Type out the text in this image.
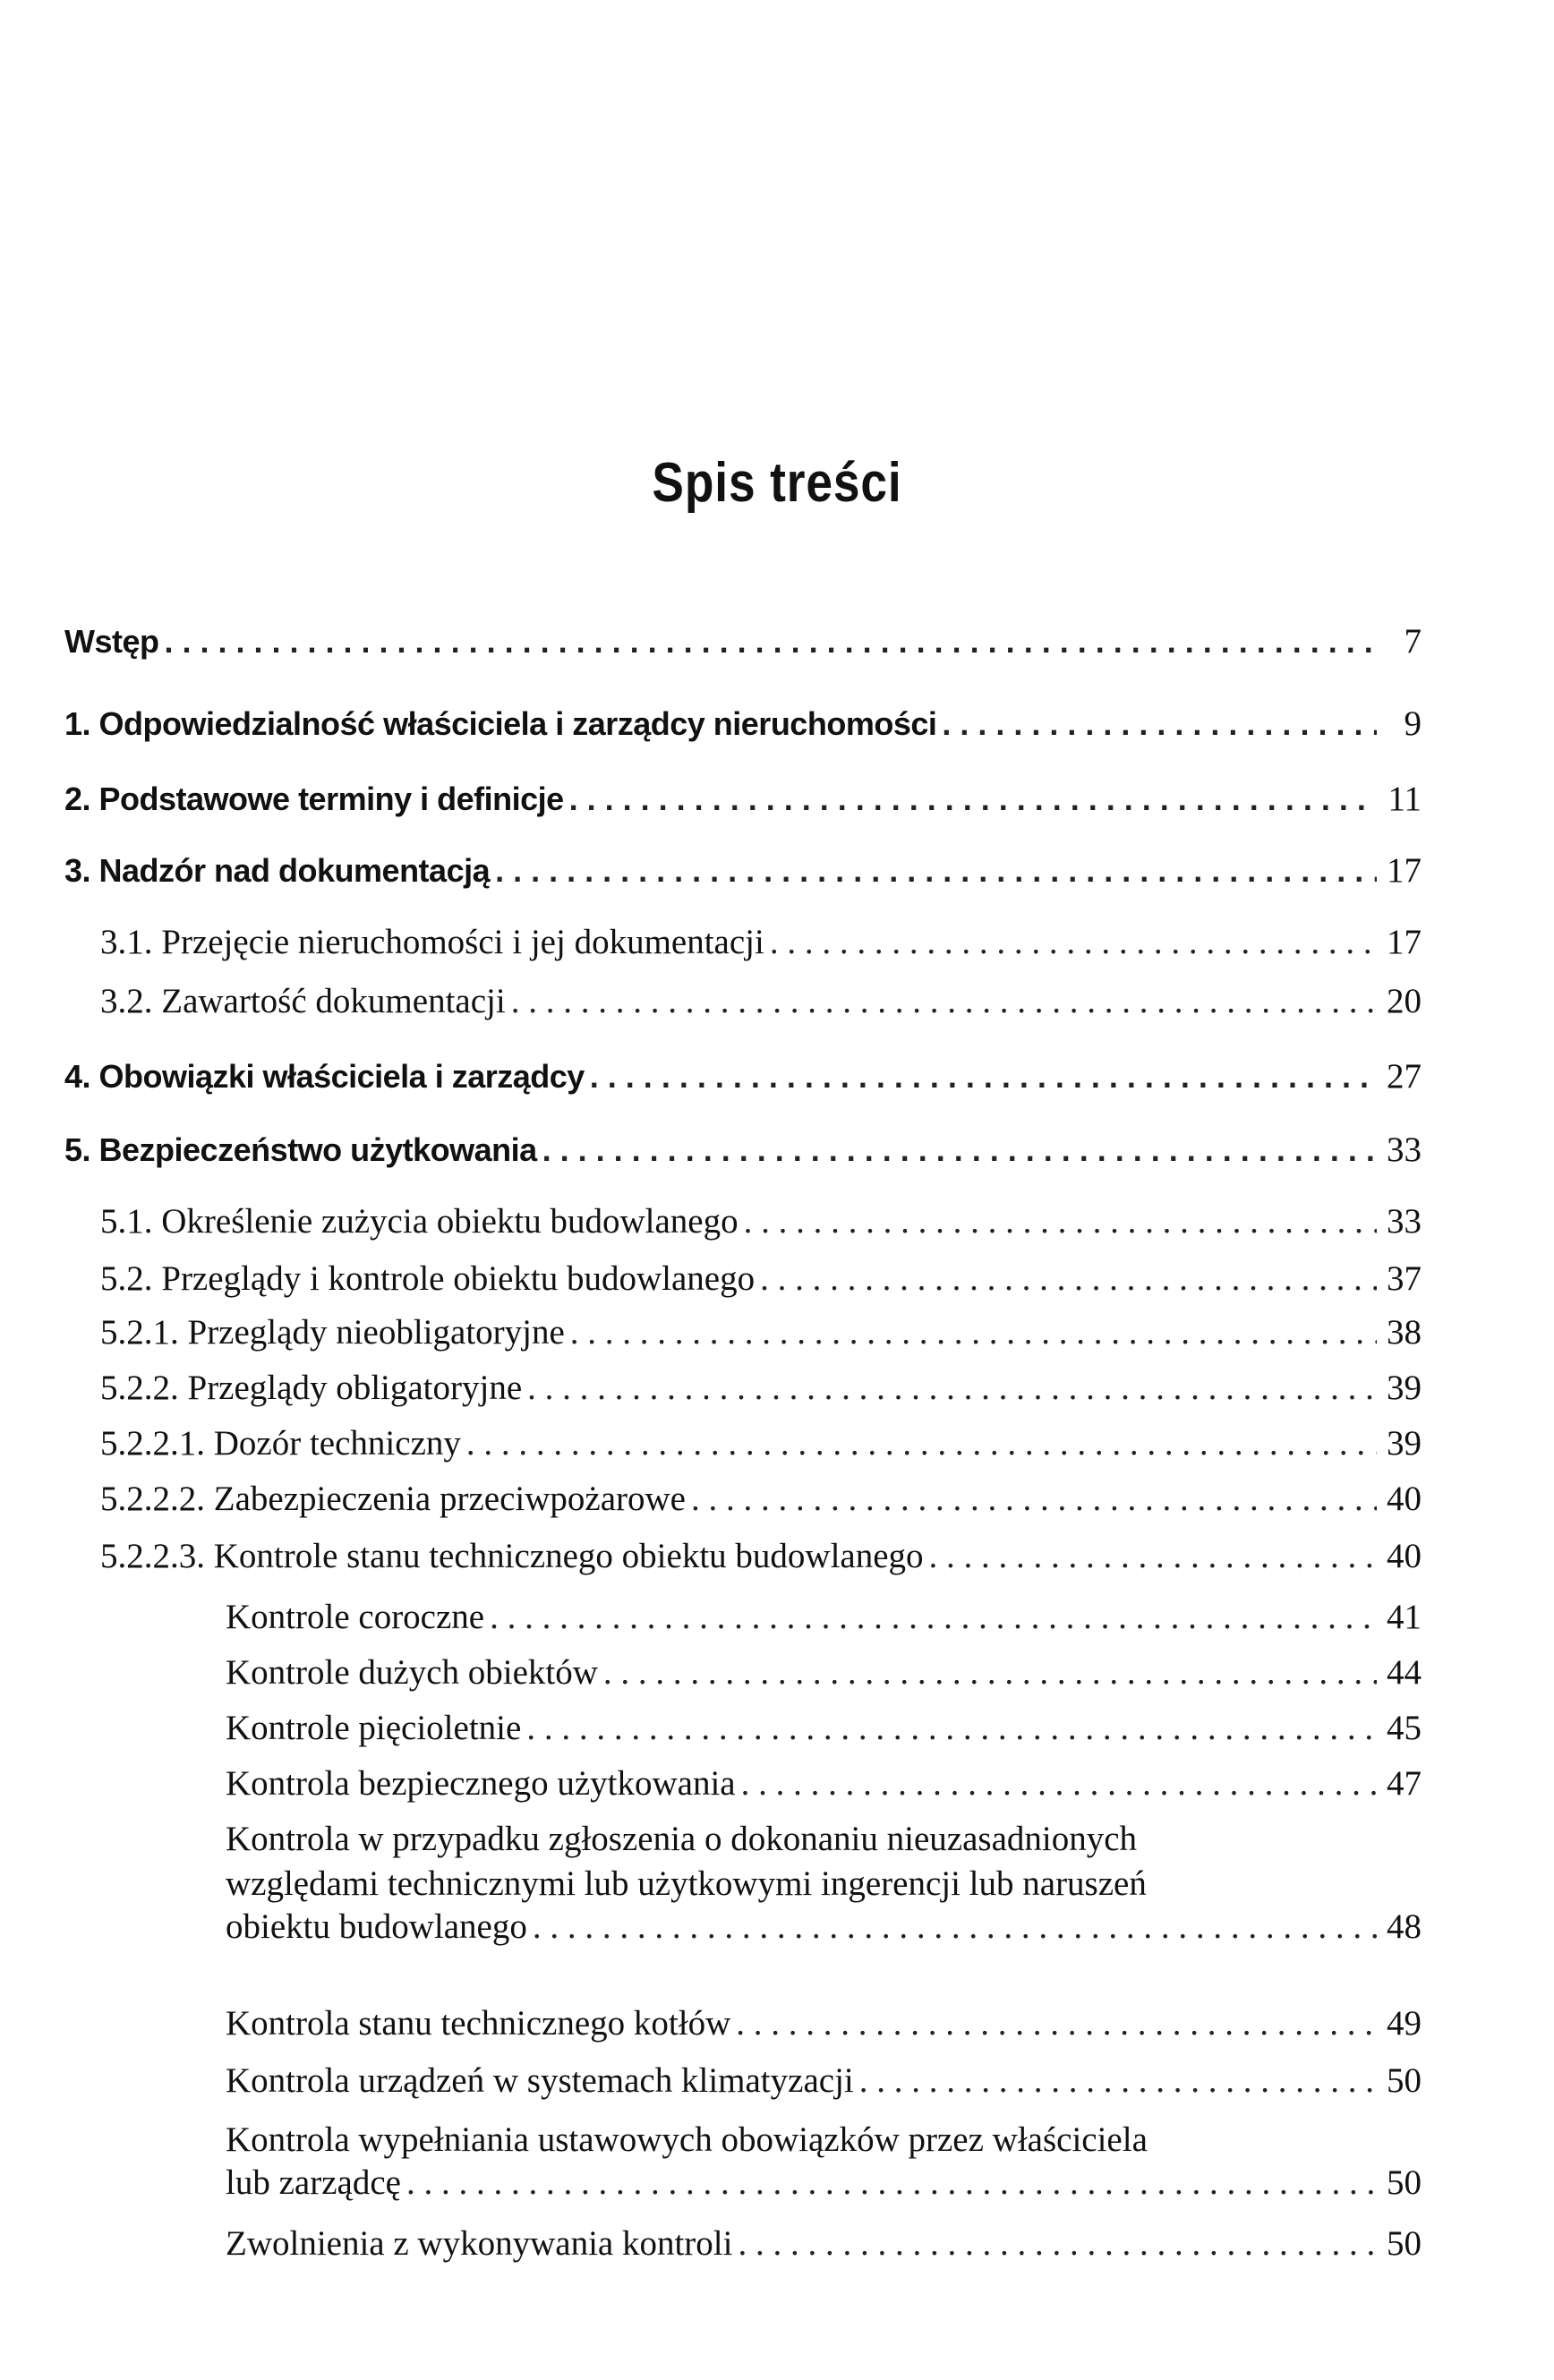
Spis treści
Wstęp . . .	7
1. Odpowiedzialność właściciela i zarządcy nieruchomości . . .	9
2. Podstawowe terminy i definicje . . .	11
3. Nadzór nad dokumentacją . . .	17
3.1. Przejęcie nieruchomości i jej dokumentacji . . .	17
3.2. Zawartość dokumentacji . . .	20
4. Obowiązki właściciela i zarządcy . . .	27
5. Bezpieczeństwo użytkowania . . .	33
5.1. Określenie zużycia obiektu budowlanego . . .	33
5.2. Przeglądy i kontrole obiektu budowlanego . . .	37
5.2.1. Przeglądy nieobligatoryjne . . .	38
5.2.2. Przeglądy obligatoryjne . . .	39
5.2.2.1. Dozór techniczny . . .	39
5.2.2.2. Zabezpieczenia przeciwpożarowe . . .	40
5.2.2.3. Kontrole stanu technicznego obiektu budowlanego . . .	40
Kontrole coroczne . . .	41
Kontrole dużych obiektów . . .	44
Kontrole pięcioletnie . . .	45
Kontrola bezpiecznego użytkowania . . .	47
Kontrola w przypadku zgłoszenia o dokonaniu nieuzasadnionych
względami technicznymi lub użytkowymi ingerencji lub naruszeń
obiektu budowlanego . . .	48
Kontrola stanu technicznego kotłów . . .	49
Kontrola urządzeń w systemach klimatyzacji . . .	50
Kontrola wypełniania ustawowych obowiązków przez właściciela
lub zarządcę . . .	50
Zwolnienia z wykonywania kontroli . . .	50
